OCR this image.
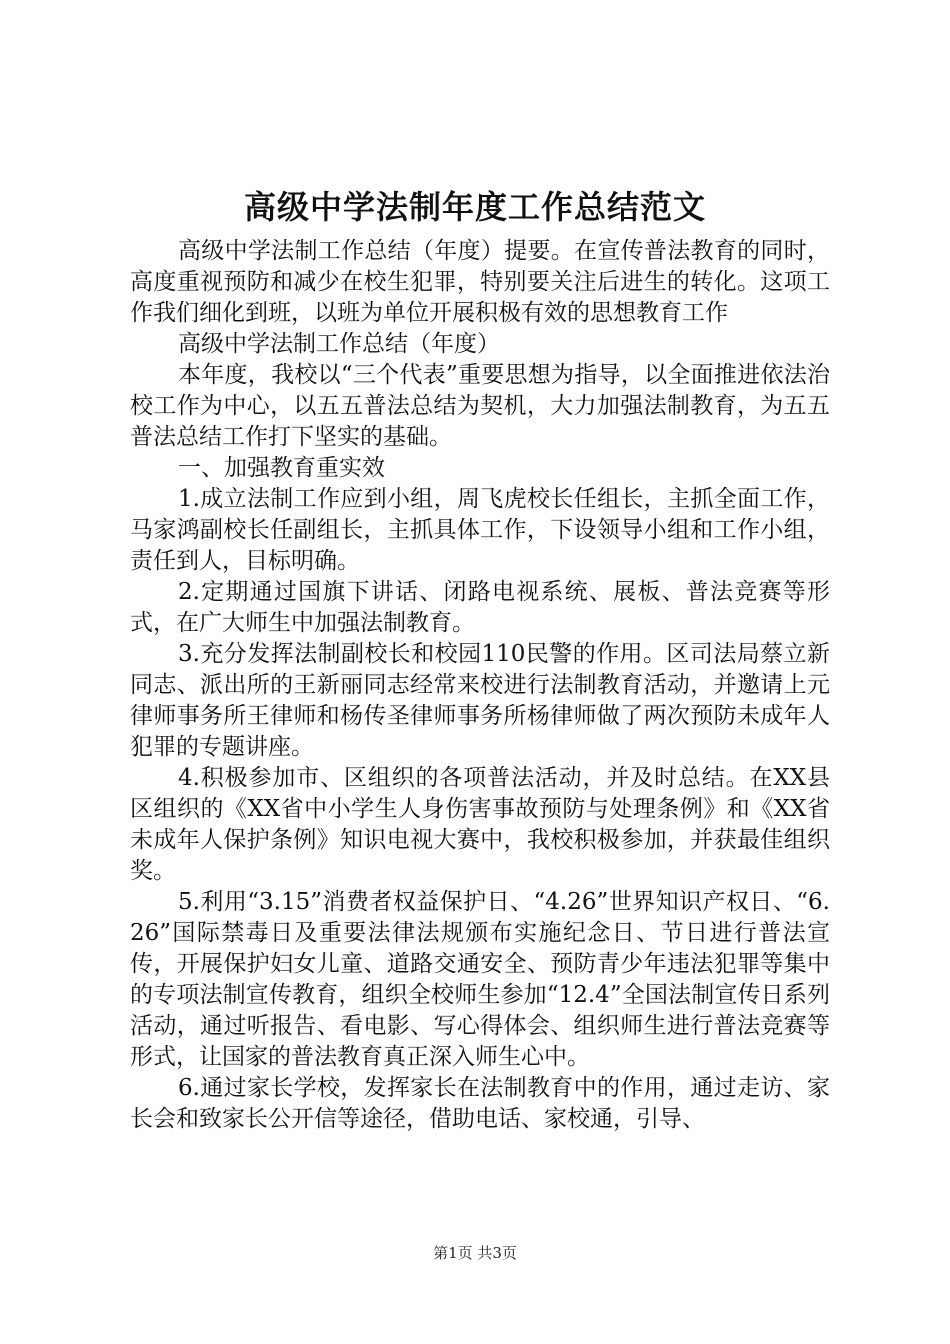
高级中学法制年度工作总结范文

高级中学法制工作总结（年度）提要。在宣传普法教育的同时，高度重视预防和减少在校生犯罪，特别要关注后进生的转化。这项工作我们细化到班，以班为单位开展积极有效的思想教育工作

高级中学法制工作总结（年度）

本年度，我校以“三个代表”重要思想为指导，以全面推进依法治校工作为中心，以五五普法总结为契机，大力加强法制教育，为五五普法总结工作打下坚实的基础。

一、加强教育重实效

1.成立法制工作应到小组，周飞虎校长任组长，主抓全面工作，马家鸿副校长任副组长，主抓具体工作，下设领导小组和工作小组，责任到人，目标明确。

2.定期通过国旗下讲话、闭路电视系统、展板、普法竞赛等形式，在广大师生中加强法制教育。

3.充分发挥法制副校长和校园110民警的作用。区司法局蔡立新同志、派出所的王新丽同志经常来校进行法制教育活动，并邀请上元律师事务所王律师和杨传圣律师事务所杨律师做了两次预防未成年人犯罪的专题讲座。

4.积极参加市、区组织的各项普法活动，并及时总结。在XX县区组织的《XX省中小学生人身伤害事故预防与处理条例》和《XX省未成年人保护条例》知识电视大赛中，我校积极参加，并获最佳组织奖。

5.利用“3.15”消费者权益保护日、“4.26”世界知识产权日、“6.26”国际禁毒日及重要法律法规颁布实施纪念日、节日进行普法宣传，开展保护妇女儿童、道路交通安全、预防青少年违法犯罪等集中的专项法制宣传教育，组织全校师生参加“12.4”全国法制宣传日系列活动，通过听报告、看电影、写心得体会、组织师生进行普法竞赛等形式，让国家的普法教育真正深入师生心中。

6.通过家长学校，发挥家长在法制教育中的作用，通过走访、家长会和致家长公开信等途径，借助电话、家校通，引导、

第1页 共3页
